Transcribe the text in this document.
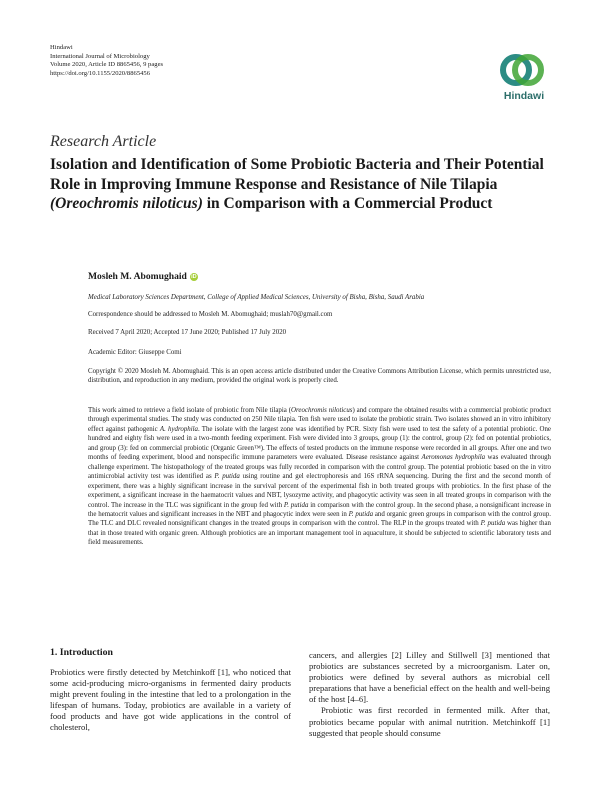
Hindawi
International Journal of Microbiology
Volume 2020, Article ID 8865456, 9 pages
https://doi.org/10.1155/2020/8865456
Hindawi
Research Article
Isolation and Identification of Some Probiotic Bacteria and Their Potential Role in Improving Immune Response and Resistance of Nile Tilapia (Oreochromis niloticus) in Comparison with a Commercial Product
Mosleh M. Abomughaid iD
Medical Laboratory Sciences Department, College of Applied Medical Sciences, University of Bisha, Bisha, Saudi Arabia
Correspondence should be addressed to Mosleh M. Abomughaid; muslah70@gmail.com
Received 7 April 2020; Accepted 17 June 2020; Published 17 July 2020
Academic Editor: Giuseppe Comi
Copyright © 2020 Mosleh M. Abomughaid. This is an open access article distributed under the Creative Commons Attribution License, which permits unrestricted use, distribution, and reproduction in any medium, provided the original work is properly cited.
This work aimed to retrieve a field isolate of probiotic from Nile tilapia (Oreochromis niloticus) and compare the obtained results with a commercial probiotic product through experimental studies. The study was conducted on 250 Nile tilapia. Ten fish were used to isolate the probiotic strain. Two isolates showed an in vitro inhibitory effect against pathogenic A. hydrophila. The isolate with the largest zone was identified by PCR. Sixty fish were used to test the safety of a potential probiotic. One hundred and eighty fish were used in a two-month feeding experiment. Fish were divided into 3 groups, group (1): the control, group (2): fed on potential probiotics, and group (3): fed on commercial probiotic (Organic Green™). The effects of tested products on the immune response were recorded in all groups. After one and two months of feeding experiment, blood and nonspecific immune parameters were evaluated. Disease resistance against Aeromonas hydrophila was evaluated through challenge experiment. The histopathology of the treated groups was fully recorded in comparison with the control group. The potential probiotic based on the in vitro antimicrobial activity test was identified as P. putida using routine and gel electrophoresis and 16S rRNA sequencing. During the first and the second month of experiment, there was a highly significant increase in the survival percent of the experimental fish in both treated groups with probiotics. In the first phase of the experiment, a significant increase in the haematocrit values and NBT, lysozyme activity, and phagocytic activity was seen in all treated groups in comparison with the control. The increase in the TLC was significant in the group fed with P. putida in comparison with the control group. In the second phase, a nonsignificant increase in the hematocrit values and significant increases in the NBT and phagocytic index were seen in P. putida and organic green groups in comparison with the control group. The TLC and DLC revealed nonsignificant changes in the treated groups in comparison with the control. The RLP in the groups treated with P. putida was higher than that in those treated with organic green. Although probiotics are an important management tool in aquaculture, it should be subjected to scientific laboratory tests and field measurements.
1. Introduction

Probiotics were firstly detected by Metchinkoff [1], who noticed that some acid-producing micro-organisms in fermented dairy products might prevent fouling in the intestine that led to a prolongation in the lifespan of humans. Today, probiotics are available in a variety of food products and have got wide applications in the control of cholesterol,

cancers, and allergies [2] Lilley and Stillwell [3] mentioned that probiotics are substances secreted by a microorganism. Later on, probiotics were defined by several authors as microbial cell preparations that have a beneficial effect on the health and well-being of the host [4–6].

Probiotic was first recorded in fermented milk. After that, probiotics became popular with animal nutrition. Metchinkoff [1] suggested that people should consume
